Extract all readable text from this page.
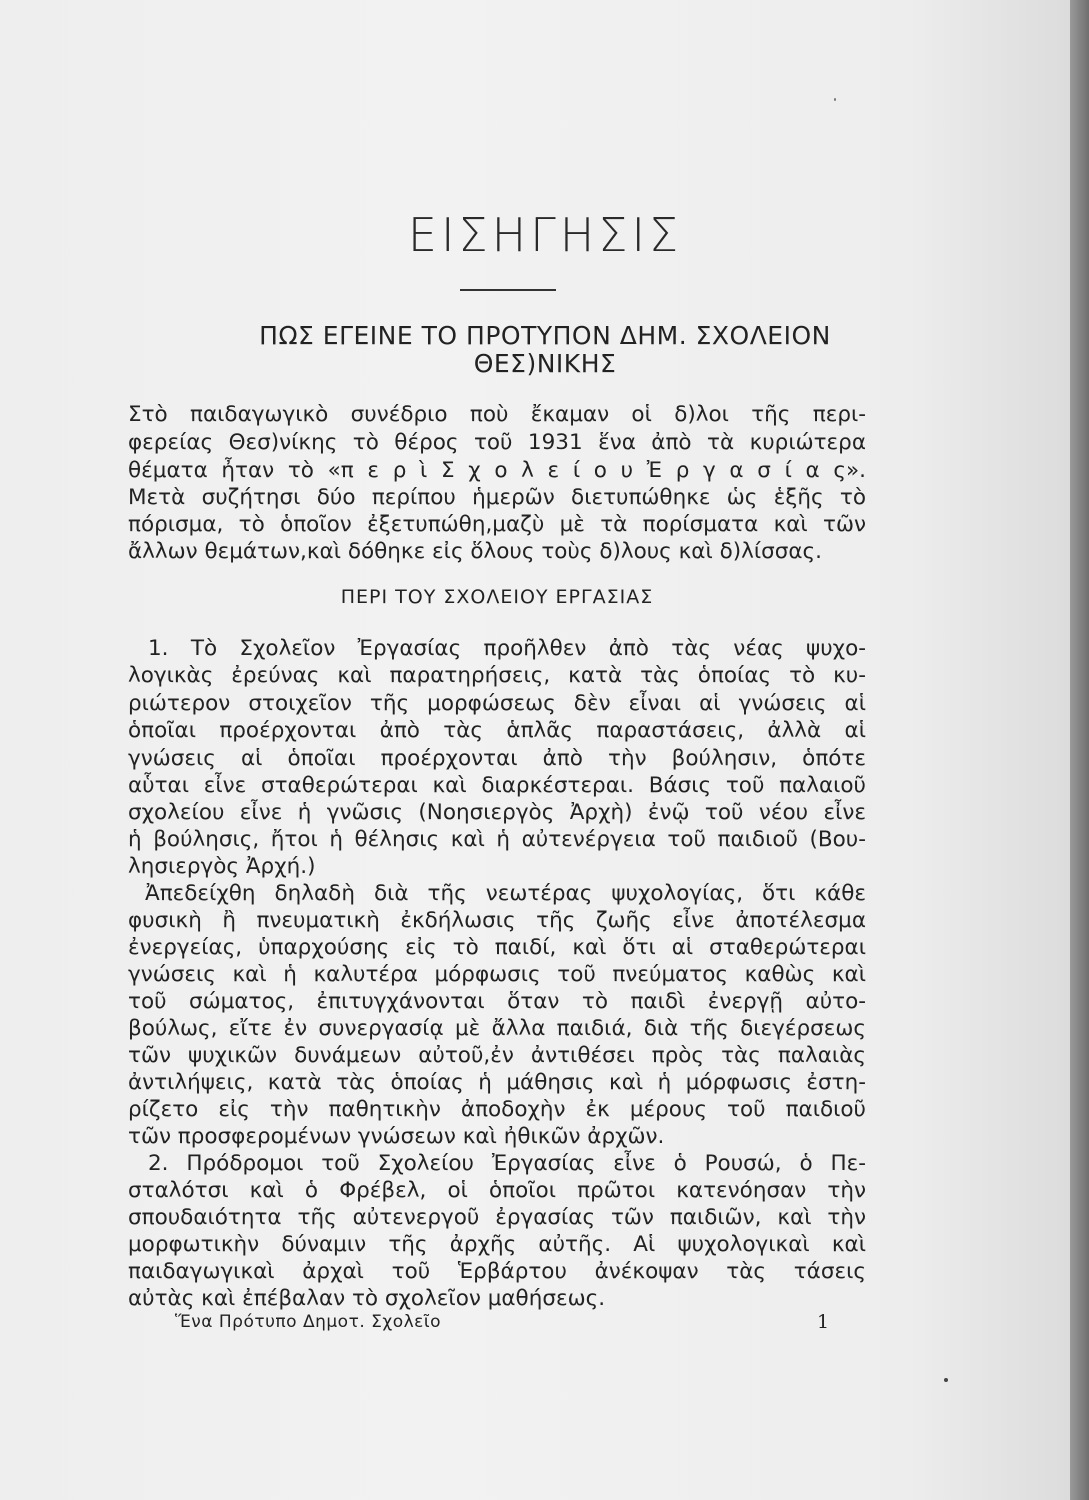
ΕΙΣΗΓΗΣΙΣ
ΠΩΣ ΕΓΕΙΝΕ ΤΟ ΠΡΟΤΥΠΟΝ ΔΗΜ. ΣΧΟΛΕΙΟΝ
ΘΕΣ)ΝΙΚΗΣ
Στὸ παιδαγωγικὸ συνέδριο ποὺ ἔκαμαν οἱ δ)λοι τῆς περι-
φερείας Θεσ)νίκης τὸ θέρος τοῦ 1931 ἕνα ἀπὸ τὰ κυριώτερα
θέματα ἦταν τὸ «π ε ρ ὶ Σ χ ο λ ε ί ο υ Ἐ ρ γ α σ ί α ς».
Μετὰ συζήτησι δύο περίπου ἡμερῶν διετυπώθηκε ὡς ἑξῆς τὸ
πόρισμα, τὸ ὁποῖον ἐξετυπώθη,μαζὺ μὲ τὰ πορίσματα καὶ τῶν
ἄλλων θεμάτων,καὶ δόθηκε εἰς ὅλους τοὺς δ)λους καὶ δ)λίσσας.
ΠΕΡΙ ΤΟΥ ΣΧΟΛΕΙΟΥ ΕΡΓΑΣΙΑΣ
1. Τὸ Σχολεῖον Ἐργασίας προῆλθεν ἀπὸ τὰς νέας ψυχο-
λογικὰς ἐρεύνας καὶ παρατηρήσεις, κατὰ τὰς ὁποίας τὸ κυ-
ριώτερον στοιχεῖον τῆς μορφώσεως δὲν εἶναι αἱ γνώσεις αἱ
ὁποῖαι προέρχονται ἀπὸ τὰς ἁπλᾶς παραστάσεις, ἀλλὰ αἱ
γνώσεις αἱ ὁποῖαι προέρχονται ἀπὸ τὴν βούλησιν, ὁπότε
αὗται εἶνε σταθερώτεραι καὶ διαρκέστεραι. Βάσις τοῦ παλαιοῦ
σχολείου εἶνε ἡ γνῶσις (Νοησιεργὸς Ἀρχὴ) ἐνῷ τοῦ νέου εἶνε
ἡ βούλησις, ἤτοι ἡ θέλησις καὶ ἡ αὐτενέργεια τοῦ παιδιοῦ (Βου-
λησιεργὸς Ἀρχή.)
Ἀπεδείχθη δηλαδὴ διὰ τῆς νεωτέρας ψυχολογίας, ὅτι κάθε
φυσικὴ ἢ πνευματικὴ ἐκδήλωσις τῆς ζωῆς εἶνε ἀποτέλεσμα
ἐνεργείας, ὑπαρχούσης εἰς τὸ παιδί, καὶ ὅτι αἱ σταθερώτεραι
γνώσεις καὶ ἡ καλυτέρα μόρφωσις τοῦ πνεύματος καθὼς καὶ
τοῦ σώματος, ἐπιτυγχάνονται ὅταν τὸ παιδὶ ἐνεργῇ αὐτο-
βούλως, εἴτε ἐν συνεργασίᾳ μὲ ἄλλα παιδιά, διὰ τῆς διεγέρσεως
τῶν ψυχικῶν δυνάμεων αὐτοῦ,ἐν ἀντιθέσει πρὸς τὰς παλαιὰς
ἀντιλήψεις, κατὰ τὰς ὁποίας ἡ μάθησις καὶ ἡ μόρφωσις ἐστη-
ρίζετο εἰς τὴν παθητικὴν ἀποδοχὴν ἐκ μέρους τοῦ παιδιοῦ
τῶν προσφερομένων γνώσεων καὶ ἠθικῶν ἀρχῶν.
2. Πρόδρομοι τοῦ Σχολείου Ἐργασίας εἶνε ὁ Ρουσώ, ὁ Πε-
σταλότσι καὶ ὁ Φρέβελ, οἱ ὁποῖοι πρῶτοι κατενόησαν τὴν
σπουδαιότητα τῆς αὐτενεργοῦ ἐργασίας τῶν παιδιῶν, καὶ τὴν
μορφωτικὴν δύναμιν τῆς ἀρχῆς αὐτῆς. Αἱ ψυχολογικαὶ καὶ
παιδαγωγικαὶ ἀρχαὶ τοῦ Ἑρβάρτου ἀνέκοψαν τὰς τάσεις
αὐτὰς καὶ ἐπέβαλαν τὸ σχολεῖον μαθήσεως.
Ἕνα Πρότυπο Δημοτ. Σχολεῖο	1
